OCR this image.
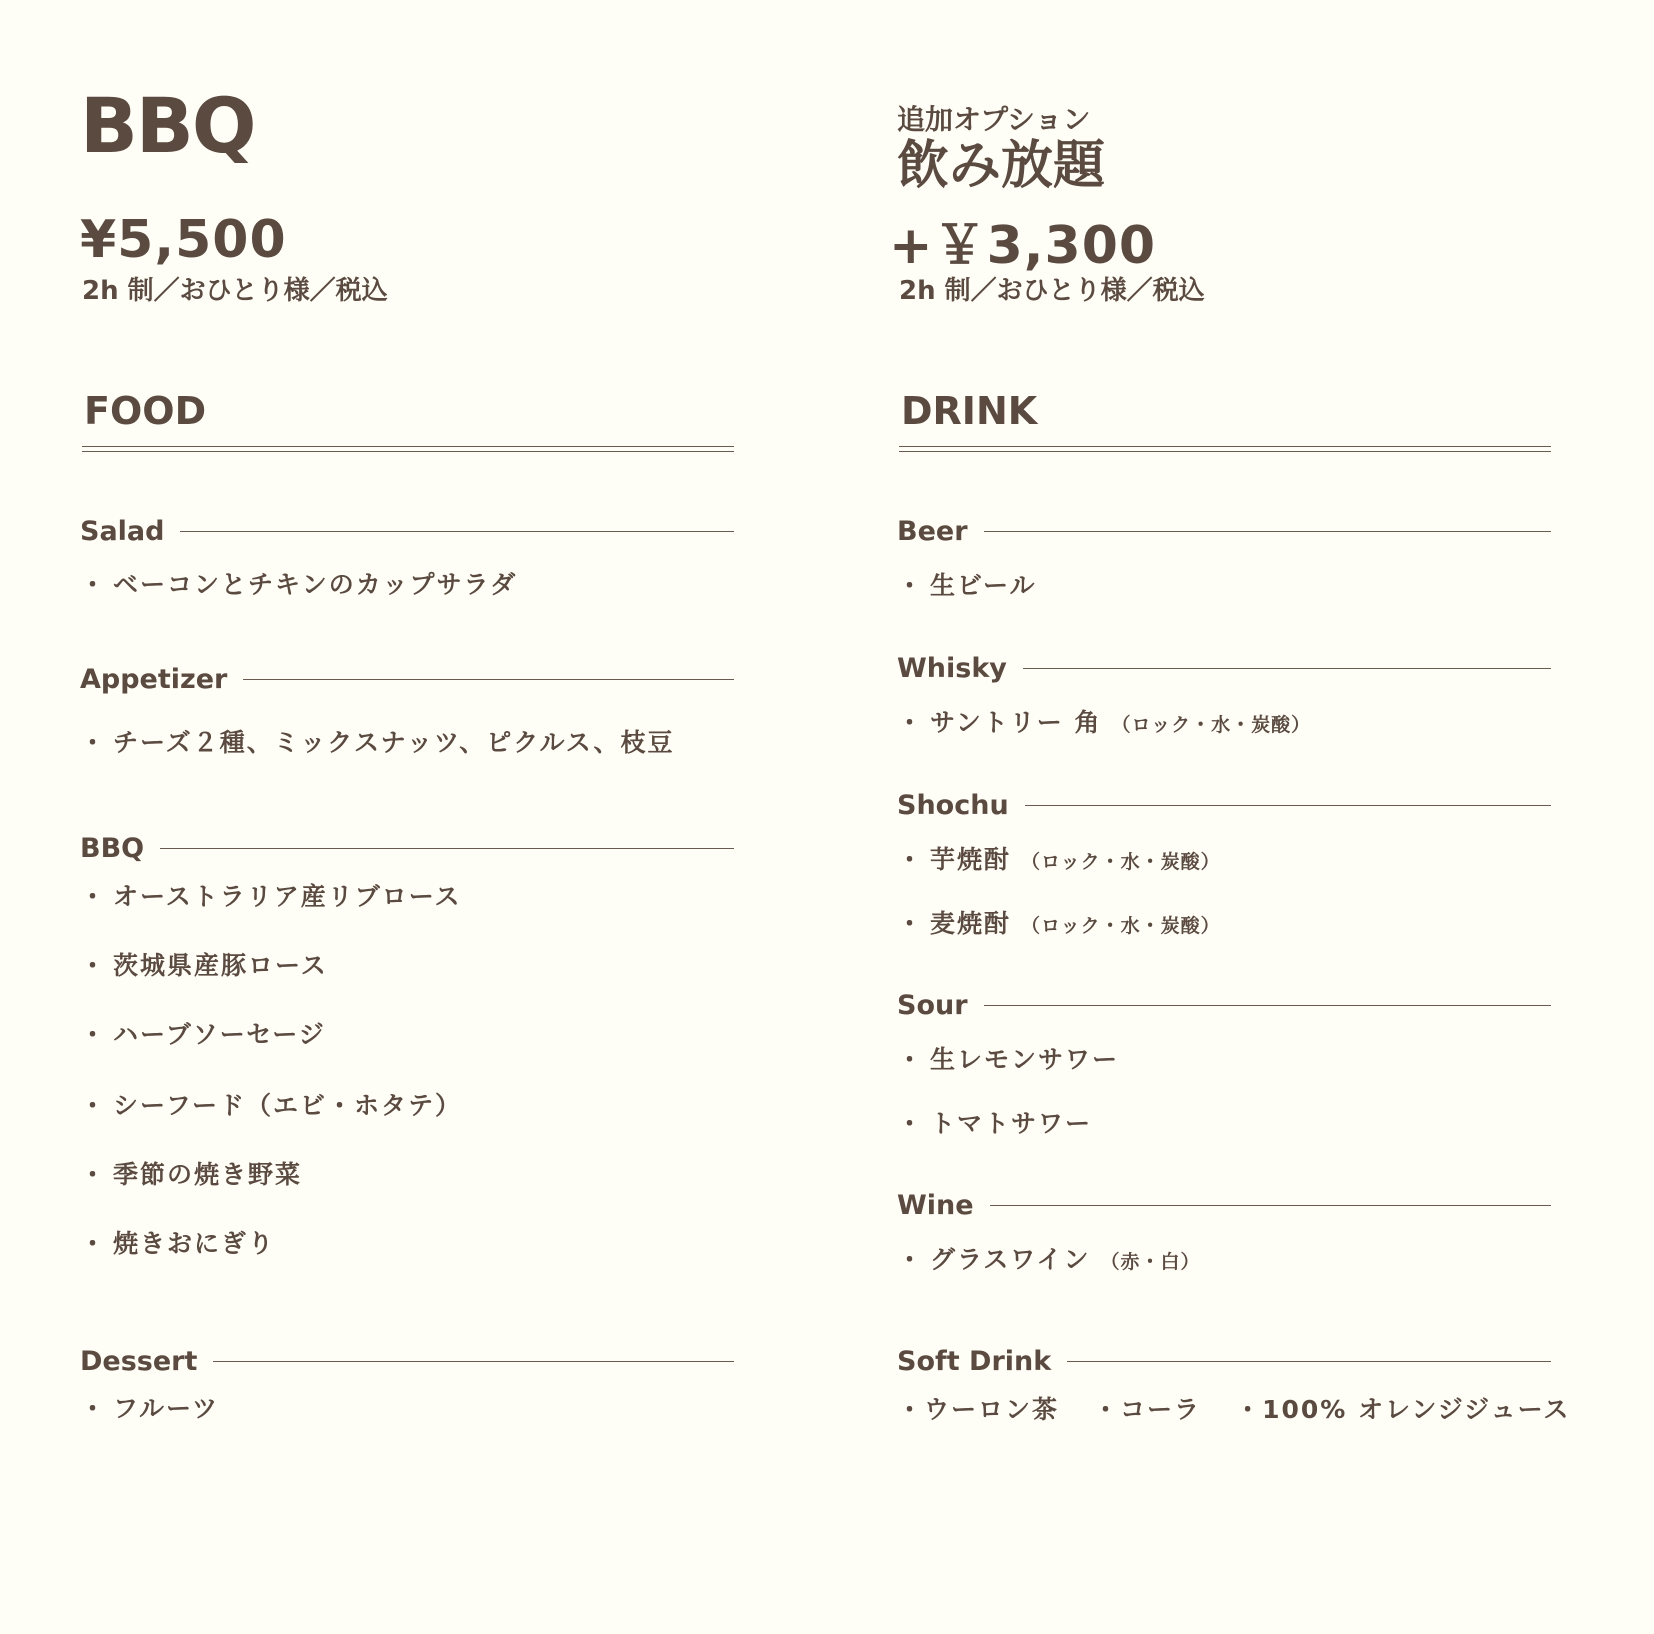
BBQ
¥5,500
2h 制／おひとり様／税込
FOOD
Salad
・ ベーコンとチキンのカップサラダ
Appetizer
・ チーズ２種、ミックスナッツ、ピクルス、枝豆
BBQ
・ オーストラリア産リブロース
・ 茨城県産豚ロース
・ ハーブソーセージ
・ シーフード（エビ・ホタテ）
・ 季節の焼き野菜
・ 焼きおにぎり
Dessert
・ フルーツ
追加オプション
飲み放題
+￥3,300
2h 制／おひとり様／税込
DRINK
Beer
・ 生ビール
Whisky
・ サントリー 角 （ロック・水・炭酸）
Shochu
・ 芋焼酎 （ロック・水・炭酸）
・ 麦焼酎 （ロック・水・炭酸）
Sour
・ 生レモンサワー
・ トマトサワー
Wine
・ グラスワイン （赤・白）
Soft Drink
・ウーロン茶 ・コーラ ・100% オレンジジュース
